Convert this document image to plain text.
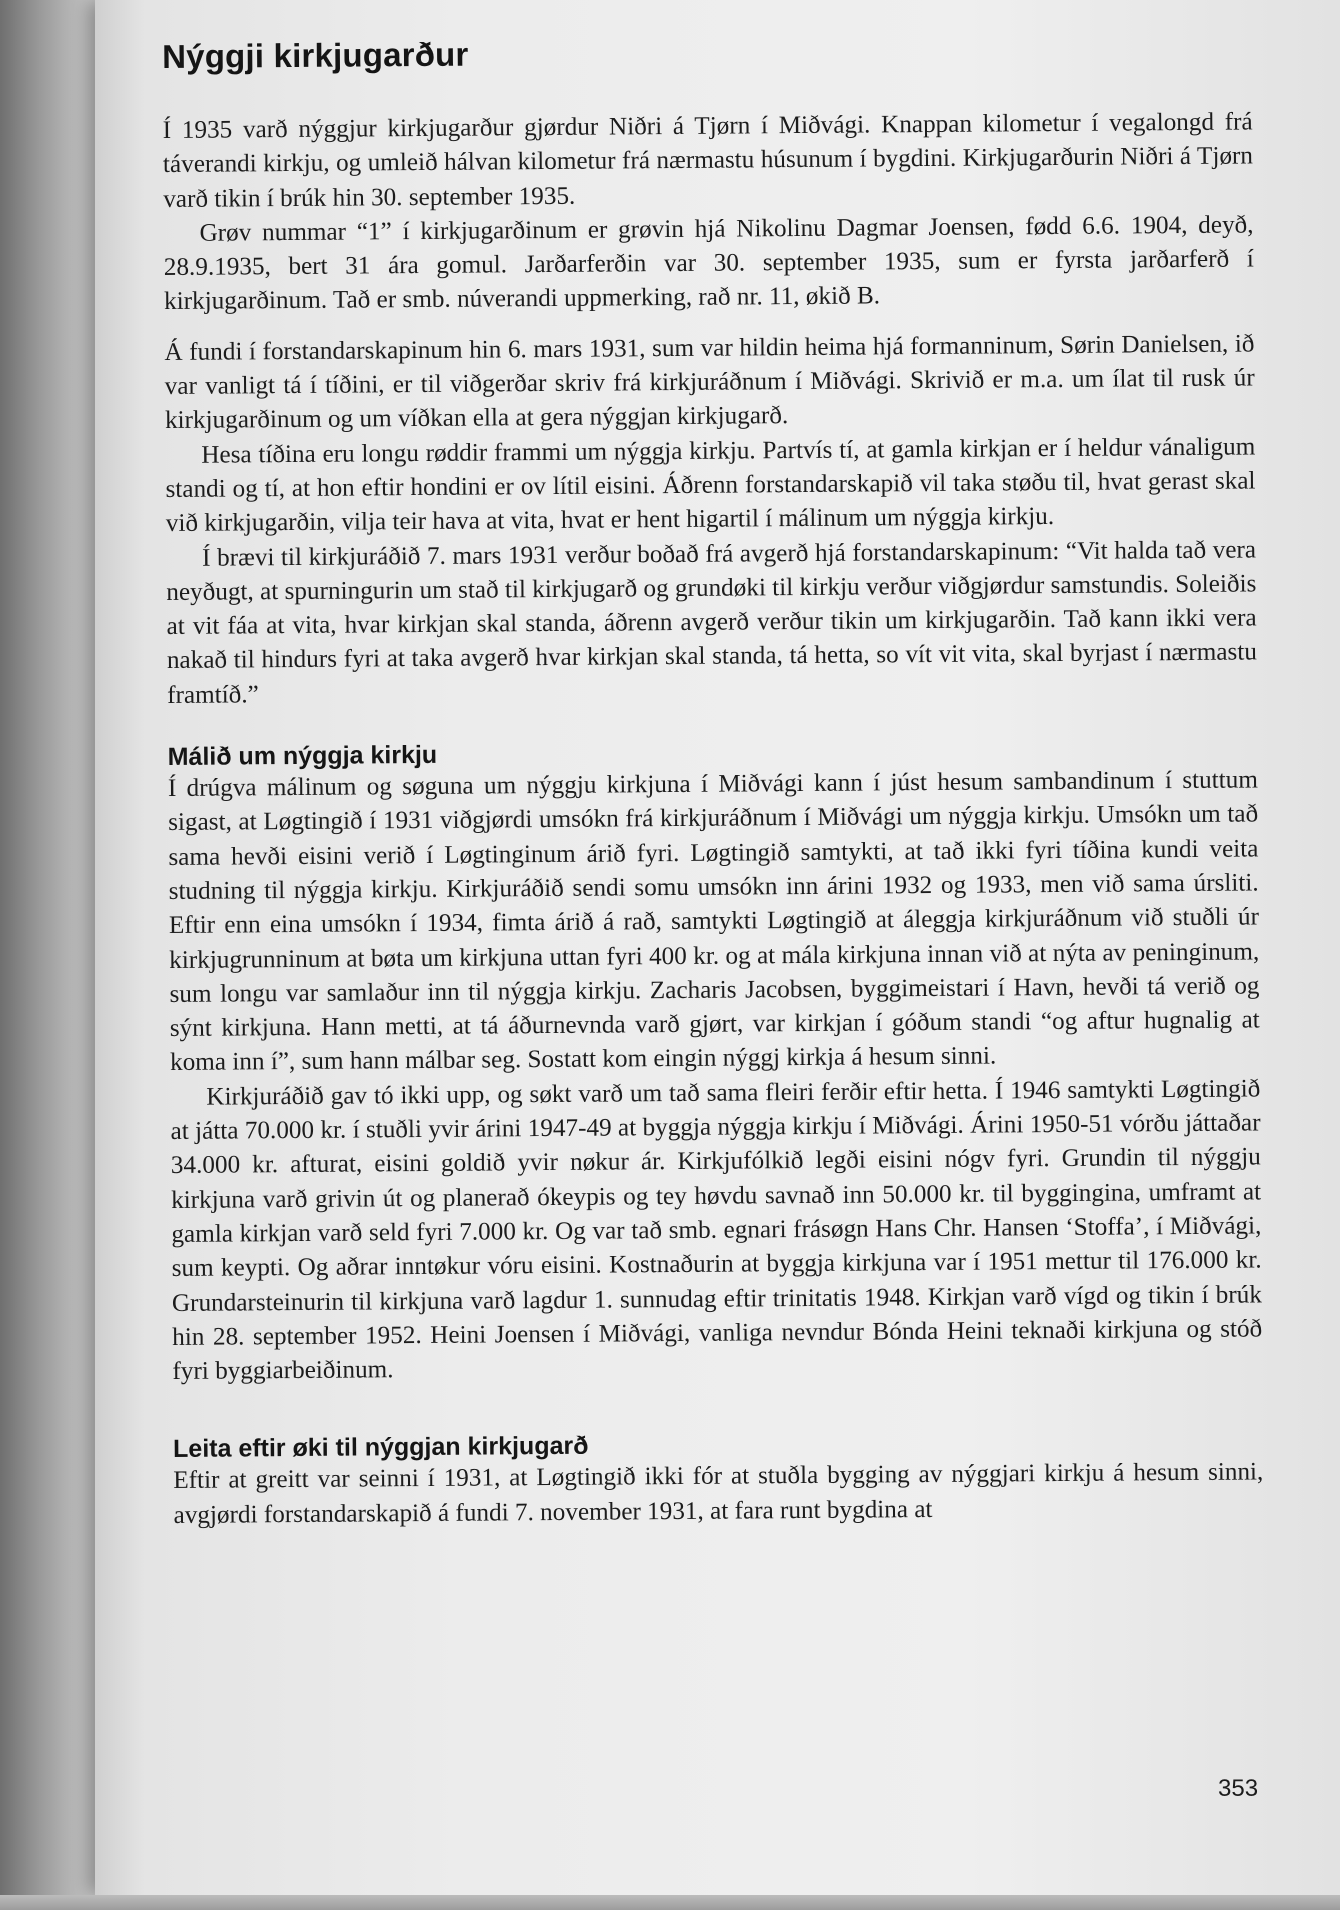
Nýggji kirkjugarður

Í 1935 varð nýggjur kirkjugarður gjørdur Niðri á Tjørn í Miðvági. Knappan kilometur í vegalongd frá táverandi kirkju, og umleið hálvan kilometur frá nærmastu húsunum í bygdini. Kirkjugarðurin Niðri á Tjørn varð tikin í brúk hin 30. september 1935.

Grøv nummar “1” í kirkjugarðinum er grøvin hjá Nikolinu Dagmar Joensen, fødd 6.6. 1904, deyð, 28.9.1935, bert 31 ára gomul. Jarðarferðin var 30. september 1935, sum er fyrsta jarðarferð í kirkjugarðinum. Tað er smb. núverandi uppmerking, rað nr. 11, økið B.

Á fundi í forstandarskapinum hin 6. mars 1931, sum var hildin heima hjá formanninum, Sørin Danielsen, ið var vanligt tá í tíðini, er til viðgerðar skriv frá kirkjuráðnum í Miðvági. Skrivið er m.a. um ílat til rusk úr kirkjugarðinum og um víðkan ella at gera nýggjan kirkjugarð.

Hesa tíðina eru longu røddir frammi um nýggja kirkju. Partvís tí, at gamla kirkjan er í heldur vánaligum standi og tí, at hon eftir hondini er ov lítil eisini. Áðrenn forstandarskapið vil taka støðu til, hvat gerast skal við kirkjugarðin, vilja teir hava at vita, hvat er hent higartil í málinum um nýggja kirkju.

Í brævi til kirkjuráðið 7. mars 1931 verður boðað frá avgerð hjá forstandarskapinum: “Vit halda tað vera neyðugt, at spurningurin um stað til kirkjugarð og grundøki til kirkju verður viðgjørdur samstundis. Soleiðis at vit fáa at vita, hvar kirkjan skal standa, áðrenn avgerð verður tikin um kirkjugarðin. Tað kann ikki vera nakað til hindurs fyri at taka avgerð hvar kirkjan skal standa, tá hetta, so vít vit vita, skal byrjast í nærmastu framtíð.”

Málið um nýggja kirkju

Í drúgva málinum og søguna um nýggju kirkjuna í Miðvági kann í júst hesum sambandinum í stuttum sigast, at Løgtingið í 1931 viðgjørdi umsókn frá kirkjuráðnum í Miðvági um nýggja kirkju. Umsókn um tað sama hevði eisini verið í Løgtinginum árið fyri. Løgtingið samtykti, at tað ikki fyri tíðina kundi veita studning til nýggja kirkju. Kirkjuráðið sendi somu umsókn inn árini 1932 og 1933, men við sama úrsliti. Eftir enn eina umsókn í 1934, fimta árið á rað, samtykti Løgtingið at áleggja kirkjuráðnum við stuðli úr kirkjugrunninum at bøta um kirkjuna uttan fyri 400 kr. og at mála kirkjuna innan við at nýta av peninginum, sum longu var samlaður inn til nýggja kirkju. Zacharis Jacobsen, byggimeistari í Havn, hevði tá verið og sýnt kirkjuna. Hann metti, at tá áðurnevnda varð gjørt, var kirkjan í góðum standi “og aftur hugnalig at koma inn í”, sum hann málbar seg. Sostatt kom eingin nýggj kirkja á hesum sinni.

Kirkjuráðið gav tó ikki upp, og søkt varð um tað sama fleiri ferðir eftir hetta. Í 1946 samtykti Løgtingið at játta 70.000 kr. í stuðli yvir árini 1947-49 at byggja nýggja kirkju í Miðvági. Árini 1950-51 vórðu játtaðar 34.000 kr. afturat, eisini goldið yvir nøkur ár. Kirkjufólkið legði eisini nógv fyri. Grundin til nýggju kirkjuna varð grivin út og planerað ókeypis og tey høvdu savnað inn 50.000 kr. til byggingina, umframt at gamla kirkjan varð seld fyri 7.000 kr. Og var tað smb. egnari frásøgn Hans Chr. Hansen ‘Stoffa’, í Miðvági, sum keypti. Og aðrar inntøkur vóru eisini. Kostnaðurin at byggja kirkjuna var í 1951 mettur til 176.000 kr. Grundarsteinurin til kirkjuna varð lagdur 1. sunnudag eftir trinitatis 1948. Kirkjan varð vígd og tikin í brúk hin 28. september 1952. Heini Joensen í Miðvági, vanliga nevndur Bónda Heini teknaði kirkjuna og stóð fyri byggiarbeiðinum.

Leita eftir øki til nýggjan kirkjugarð

Eftir at greitt var seinni í 1931, at Løgtingið ikki fór at stuðla bygging av nýggjari kirkju á hesum sinni, avgjørdi forstandarskapið á fundi 7. november 1931, at fara runt bygdina at

353
